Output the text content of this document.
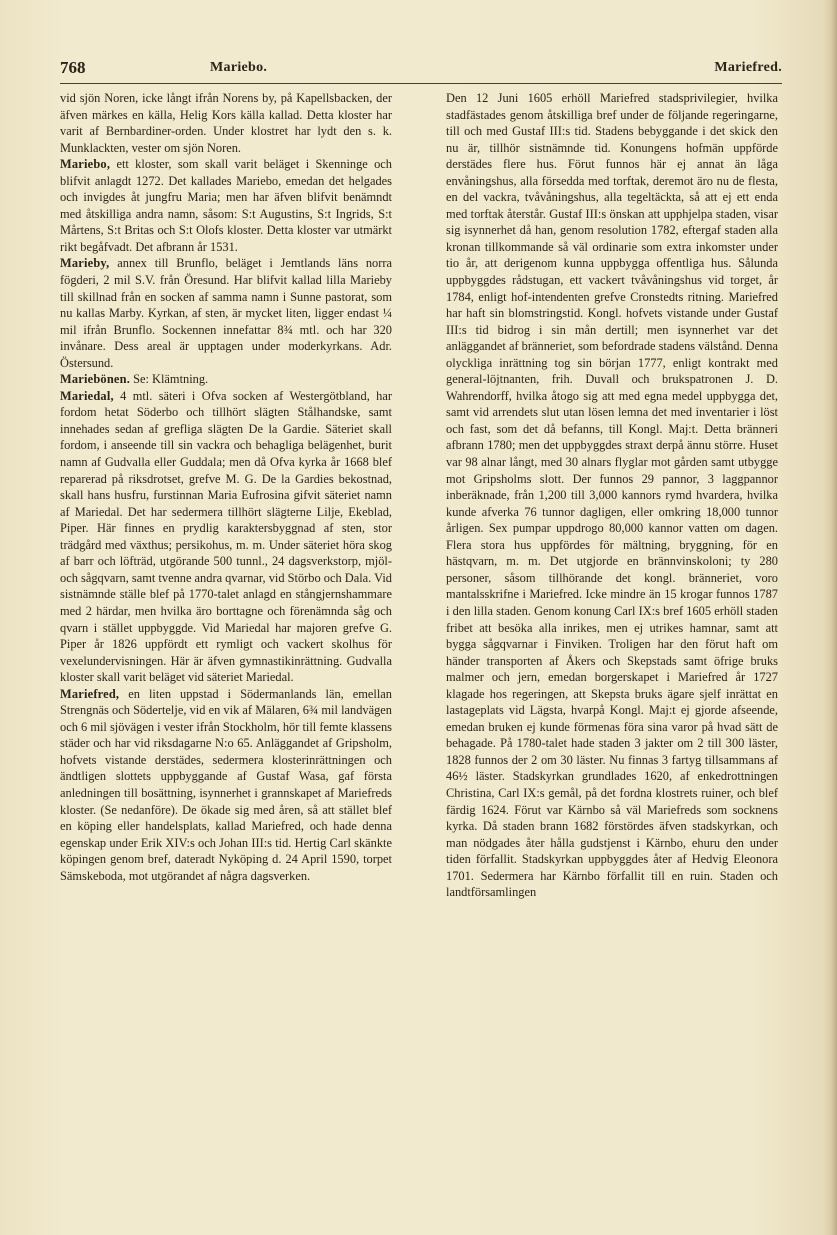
768	Mariebo.	Mariefred.

vid sjön Noren, icke långt ifrån Norens by, på Kapellsbacken, der äfven märkes en källa, Helig Kors källa kallad. Detta kloster har varit af Bernbardiner-orden. Under klostret har lydt den s. k. Munklackten, vester om sjön Noren.

Mariebo, ett kloster, som skall varit beläget i Skenninge och blifvit anlagdt 1272. Det kallades Mariebo, emedan det helgades och invigdes åt jungfru Maria; men har äfven blifvit benämndt med åtskilliga andra namn, såsom: S:t Augustins, S:t Ingrids, S:t Mårtens, S:t Britas och S:t Olofs kloster. Detta kloster var utmärkt rikt begåfvadt. Det afbrann år 1531.

Marieby, annex till Brunflo, beläget i Jemtlands läns norra fögderi, 2 mil S.V. från Öresund. Har blifvit kallad lilla Marieby till skillnad från en socken af samma namn i Sunne pastorat, som nu kallas Marby. Kyrkan, af sten, är mycket liten, ligger endast ¼ mil ifrån Brunflo. Sockennen innefattar 8¾ mtl. och har 320 invånare. Dess areal är upptagen under moderkyrkans. Adr. Östersund.

Mariebönen. Se: Klämtning.

Mariedal, 4 mtl. säteri i Ofva socken af Westergötbland, har fordom hetat Söderbo och tillhört slägten Stålhandske, samt innehades sedan af grefliga slägten De la Gardie. Säteriet skall fordom, i anseende till sin vackra och behagliga belägenhet, burit namn af Gudvalla eller Guddala; men då Ofva kyrka år 1668 blef reparerad på riksdrotset, grefve M. G. De la Gardies bekostnad, skall hans husfru, furstinnan Maria Eufrosina gifvit säteriet namn af Mariedal. Det har sedermera tillhört slägterne Lilje, Ekeblad, Piper. Här finnes en prydlig karaktersbyggnad af sten, stor trädgård med växthus; persikohus, m. m. Under säteriet höra skog af barr och löfträd, utgörande 500 tunnl., 24 dagsverkstorp, mjöl- och sågqvarn, samt tvenne andra qvarnar, vid Störbo och Dala. Vid sistnämnde ställe blef på 1770-talet anlagd en stångjernshammare med 2 härdar, men hvilka äro borttagne och förenämnda såg och qvarn i stället uppbyggde. Vid Mariedal har majoren grefve G. Piper år 1826 uppfördt ett rymligt och vackert skolhus för vexelundervisningen. Här är äfven gymnastikinrättning. Gudvalla kloster skall varit beläget vid säteriet Mariedal.

Mariefred, en liten uppstad i Södermanlands län, emellan Strengnäs och Södertelje, vid en vik af Mälaren, 6¾ mil landvägen och 6 mil sjövägen i vester ifrån Stockholm, hör till femte klassens städer och har vid riksdagarne N:o 65. Anläggandet af Gripsholm, hofvets vistande derstädes, sedermera klosterinrättningen och ändtligen slottets uppbyggande af Gustaf Wasa, gaf första anledningen till bosättning, isynnerhet i grannskapet af Mariefreds kloster. (Se nedanföre). De ökade sig med åren, så att stället blef en köping eller handelsplats, kallad Mariefred, och hade denna egenskap under Erik XIV:s och Johan III:s tid. Hertig Carl skänkte köpingen genom bref, dateradt Nyköping d. 24 April 1590, torpet Sämskeboda, mot utgörandet af några dagsverken.

Den 12 Juni 1605 erhöll Mariefred stadsprivilegier, hvilka stadfästades genom åtskilliga bref under de följande regeringarne, till och med Gustaf III:s tid. Stadens bebyggande i det skick den nu är, tillhör sistnämnde tid. Konungens hofmän uppförde derstädes flere hus. Förut funnos här ej annat än låga envåningshus, alla försedda med torftak, deremot äro nu de flesta, en del vackra, tvåvåningshus, alla tegeltäckta, så att ej ett enda med torftak återstår. Gustaf III:s önskan att upphjelpa staden, visar sig isynnerhet då han, genom resolution 1782, eftergaf staden alla kronan tillkommande så väl ordinarie som extra inkomster under tio år, att derigenom kunna uppbygga offentliga hus. Sålunda uppbyggdes rådstugan, ett vackert tvåvåningshus vid torget, år 1784, enligt hof-intendenten grefve Cronstedts ritning. Mariefred har haft sin blomstringstid. Kongl. hofvets vistande under Gustaf III:s tid bidrog i sin mån dertill; men isynnerhet var det anläggandet af bränneriet, som befordrade stadens välstånd. Denna olyckliga inrättning tog sin början 1777, enligt kontrakt med general-löjtnanten, frih. Duvall och brukspatronen J. D. Wahrendorff, hvilka åtogo sig att med egna medel uppbygga det, samt vid arrendets slut utan lösen lemna det med inventarier i löst och fast, som det då befanns, till Kongl. Maj:t. Detta bränneri afbrann 1780; men det uppbyggdes straxt derpå ännu större. Huset var 98 alnar långt, med 30 alnars flyglar mot gården samt utbygge mot Gripsholms slott. Der funnos 29 pannor, 3 laggpannor inberäknade, från 1,200 till 3,000 kannors rymd hvardera, hvilka kunde afverka 76 tunnor dagligen, eller omkring 18,000 tunnor årligen. Sex pumpar uppdrogo 80,000 kannor vatten om dagen. Flera stora hus uppfördes för mältning, bryggning, för en hästqvarn, m. m. Det utgjorde en brännvinskoloni; ty 280 personer, såsom tillhörande det kongl. bränneriet, voro mantalsskrifne i Mariefred. Icke mindre än 15 krogar funnos 1787 i den lilla staden. Genom konung Carl IX:s bref 1605 erhöll staden fribet att besöka alla inrikes, men ej utrikes hamnar, samt att bygga sågqvarnar i Finviken. Troligen har den förut haft om händer transporten af Åkers och Skepstads samt öfrige bruks malmer och jern, emedan borgerskapet i Mariefred år 1727 klagade hos regeringen, att Skepsta bruks ägare sjelf inrättat en lastageplats vid Lägsta, hvarpå Kongl. Maj:t ej gjorde afseende, emedan bruken ej kunde förmenas föra sina varor på hvad sätt de behagade. På 1780-talet hade staden 3 jakter om 2 till 300 läster, 1828 funnos der 2 om 30 läster. Nu finnas 3 fartyg tillsammans af 46½ läster. Stadskyrkan grundlades 1620, af enkedrottningen Christina, Carl IX:s gemål, på det fordna klostrets ruiner, och blef färdig 1624. Förut var Kärnbo så väl Mariefreds som socknens kyrka. Då staden brann 1682 förstördes äfven stadskyrkan, och man nödgades åter hålla gudstjenst i Kärnbo, ehuru den under tiden förfallit. Stadskyrkan uppbyggdes åter af Hedvig Eleonora 1701. Sedermera har Kärnbo förfallit till en ruin. Staden och landtförsamlingen
